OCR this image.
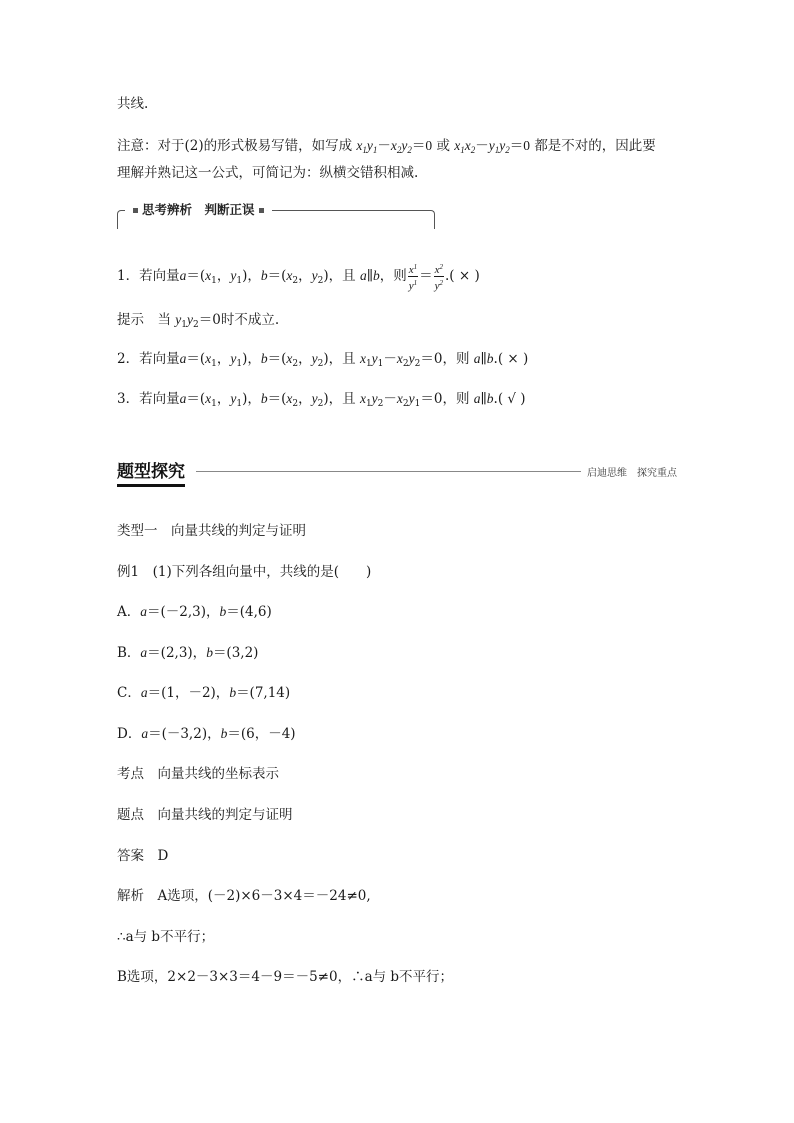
共线.
注意：对于(2)的形式极易写错，如写成 $x_1y_1-x_2y_2=0$ 或 $x_1x_2-y_1y_2=0$ 都是不对的，因此要
理解并熟记这一公式，可简记为：纵横交错积相减.
思考辨析　判断正误
1．若向量$a=(x_1$，$y_1$)，$b=(x_2$，$y_2$)，且 a∥b，则 $\frac{x^1}{y^1} = \frac{x^2}{y^2}$ .( × )
提示　当 $y_1y_2=0$时不成立.
2．若向量$a=(x_1$，$y_1$)，$b=(x_2$，$y_2$)，且 $x_1y_1-x_2y_2=0$，则 a∥b.( × )
3．若向量$a=(x_1$，$y_1$)，$b=(x_2$，$y_2$)，且 $x_1y_2-x_2y_1=0$，则 a∥b.( √ )
题型探究	启迪思维　探究重点
类型一　向量共线的判定与证明
例1　(1)下列各组向量中，共线的是(　　)
A．a＝(－2,3)，b＝(4,6)
B．a＝(2,3)，b＝(3,2)
C．a＝(1，－2)，b＝(7,14)
D．a＝(－3,2)，b＝(6，－4)
考点　向量共线的坐标表示
题点　向量共线的判定与证明
答案　D
解析　A选项，(－2)×6－3×4＝－24≠0,
∴a与 b不平行；
B选项，2×2－3×3＝4－9＝－5≠0，∴a与 b不平行；
